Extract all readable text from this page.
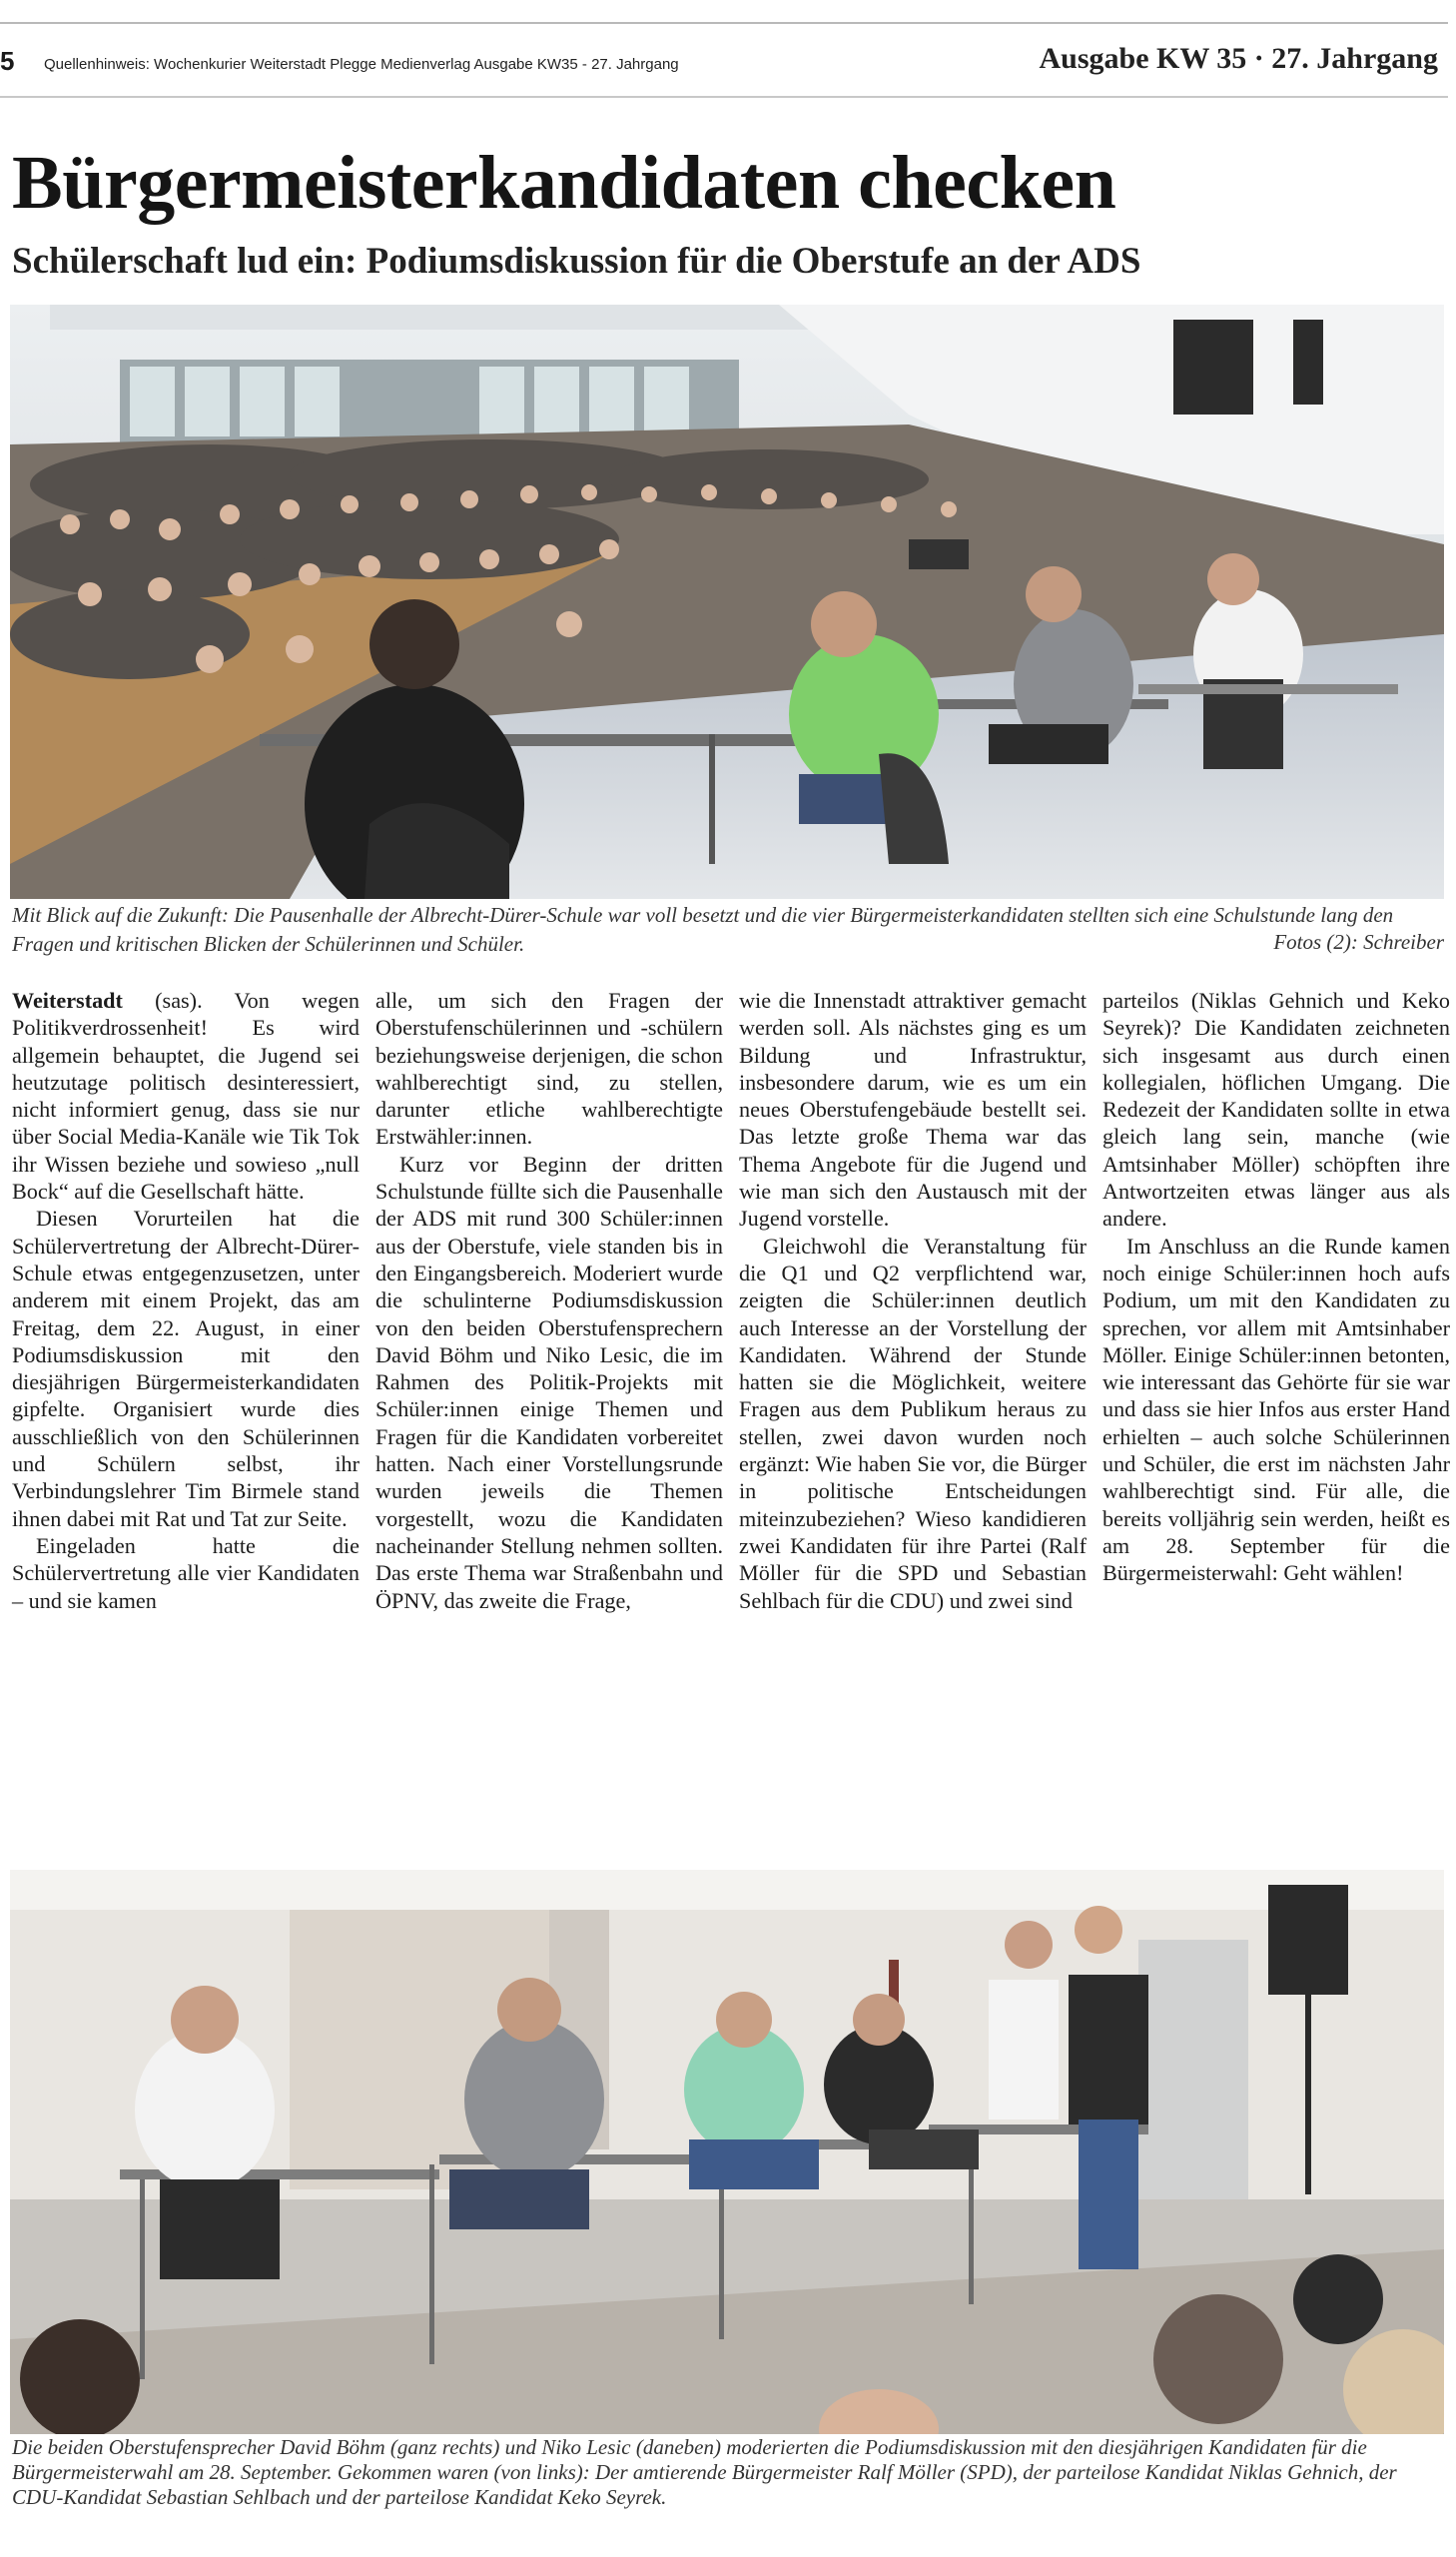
5 Quellenhinweis: Wochenkurier Weiterstadt Plegge Medienverlag Ausgabe KW35 - 27. Jahrgang	Ausgabe KW 35 · 27. Jahrgang
Bürgermeisterkandidaten checken
Schülerschaft lud ein: Podiumsdiskussion für die Oberstufe an der ADS
Mit Blick auf die Zukunft: Die Pausenhalle der Albrecht-Dürer-Schule war voll besetzt und die vier Bürgermeisterkandidaten stellten sich eine Schulstunde lang den Fragen und kritischen Blicken der Schülerinnen und Schüler.	Fotos (2): Schreiber

Weiterstadt (sas). Von wegen Politikverdrossenheit! Es wird allgemein behauptet, die Jugend sei heutzutage politisch desinteressiert, nicht informiert genug, dass sie nur über Social Media-Kanäle wie Tik Tok ihr Wissen beziehe und sowieso „null Bock“ auf die Gesellschaft hätte.

Diesen Vorurteilen hat die Schülervertretung der Albrecht-Dürer-Schule etwas entgegenzusetzen, unter anderem mit einem Projekt, das am Freitag, dem 22. August, in einer Podiumsdiskussion mit den diesjährigen Bürgermeisterkandidaten gipfelte. Organisiert wurde dies ausschließlich von den Schülerinnen und Schülern selbst, ihr Verbindungslehrer Tim Birmele stand ihnen dabei mit Rat und Tat zur Seite.

Eingeladen hatte die Schülervertretung alle vier Kandidaten – und sie kamen

alle, um sich den Fragen der Oberstufenschülerinnen und -schülern beziehungsweise derjenigen, die schon wahlberechtigt sind, zu stellen, darunter etliche wahlberechtigte Erstwähler:innen.

Kurz vor Beginn der dritten Schulstunde füllte sich die Pausenhalle der ADS mit rund 300 Schüler:innen aus der Oberstufe, viele standen bis in den Eingangsbereich. Moderiert wurde die schulinterne Podiumsdiskussion von den beiden Oberstufensprechern David Böhm und Niko Lesic, die im Rahmen des Politik-Projekts mit Schüler:innen einige Themen und Fragen für die Kandidaten vorbereitet hatten. Nach einer Vorstellungsrunde wurden jeweils die Themen vorgestellt, wozu die Kandidaten nacheinander Stellung nehmen sollten. Das erste Thema war Straßenbahn und ÖPNV, das zweite die Frage,

wie die Innenstadt attraktiver gemacht werden soll. Als nächstes ging es um Bildung und Infrastruktur, insbesondere darum, wie es um ein neues Oberstufengebäude bestellt sei. Das letzte große Thema war das Thema Angebote für die Jugend und wie man sich den Austausch mit der Jugend vorstelle.

Gleichwohl die Veranstaltung für die Q1 und Q2 verpflichtend war, zeigten die Schüler:innen deutlich auch Interesse an der Vorstellung der Kandidaten. Während der Stunde hatten sie die Möglichkeit, weitere Fragen aus dem Publikum heraus zu stellen, zwei davon wurden noch ergänzt: Wie haben Sie vor, die Bürger in politische Entscheidungen miteinzubeziehen? Wieso kandidieren zwei Kandidaten für ihre Partei (Ralf Möller für die SPD und Sebastian Sehlbach für die CDU) und zwei sind

parteilos (Niklas Gehnich und Keko Seyrek)? Die Kandidaten zeichneten sich insgesamt aus durch einen kollegialen, höflichen Umgang. Die Redezeit der Kandidaten sollte in etwa gleich lang sein, manche (wie Amtsinhaber Möller) schöpften ihre Antwortzeiten etwas länger aus als andere.

Im Anschluss an die Runde kamen noch einige Schüler:innen hoch aufs Podium, um mit den Kandidaten zu sprechen, vor allem mit Amtsinhaber Möller. Einige Schüler:innen betonten, wie interessant das Gehörte für sie war und dass sie hier Infos aus erster Hand erhielten – auch solche Schülerinnen und Schüler, die erst im nächsten Jahr wahlberechtigt sind. Für alle, die bereits volljährig sein werden, heißt es am 28. September für die Bürgermeisterwahl: Geht wählen!

Die beiden Oberstufensprecher David Böhm (ganz rechts) und Niko Lesic (daneben) moderierten die Podiumsdiskussion mit den diesjährigen Kandidaten für die Bürgermeisterwahl am 28. September. Gekommen waren (von links): Der amtierende Bürgermeister Ralf Möller (SPD), der parteilose Kandidat Niklas Gehnich, der CDU-Kandidat Sebastian Sehlbach und der parteilose Kandidat Keko Seyrek.
